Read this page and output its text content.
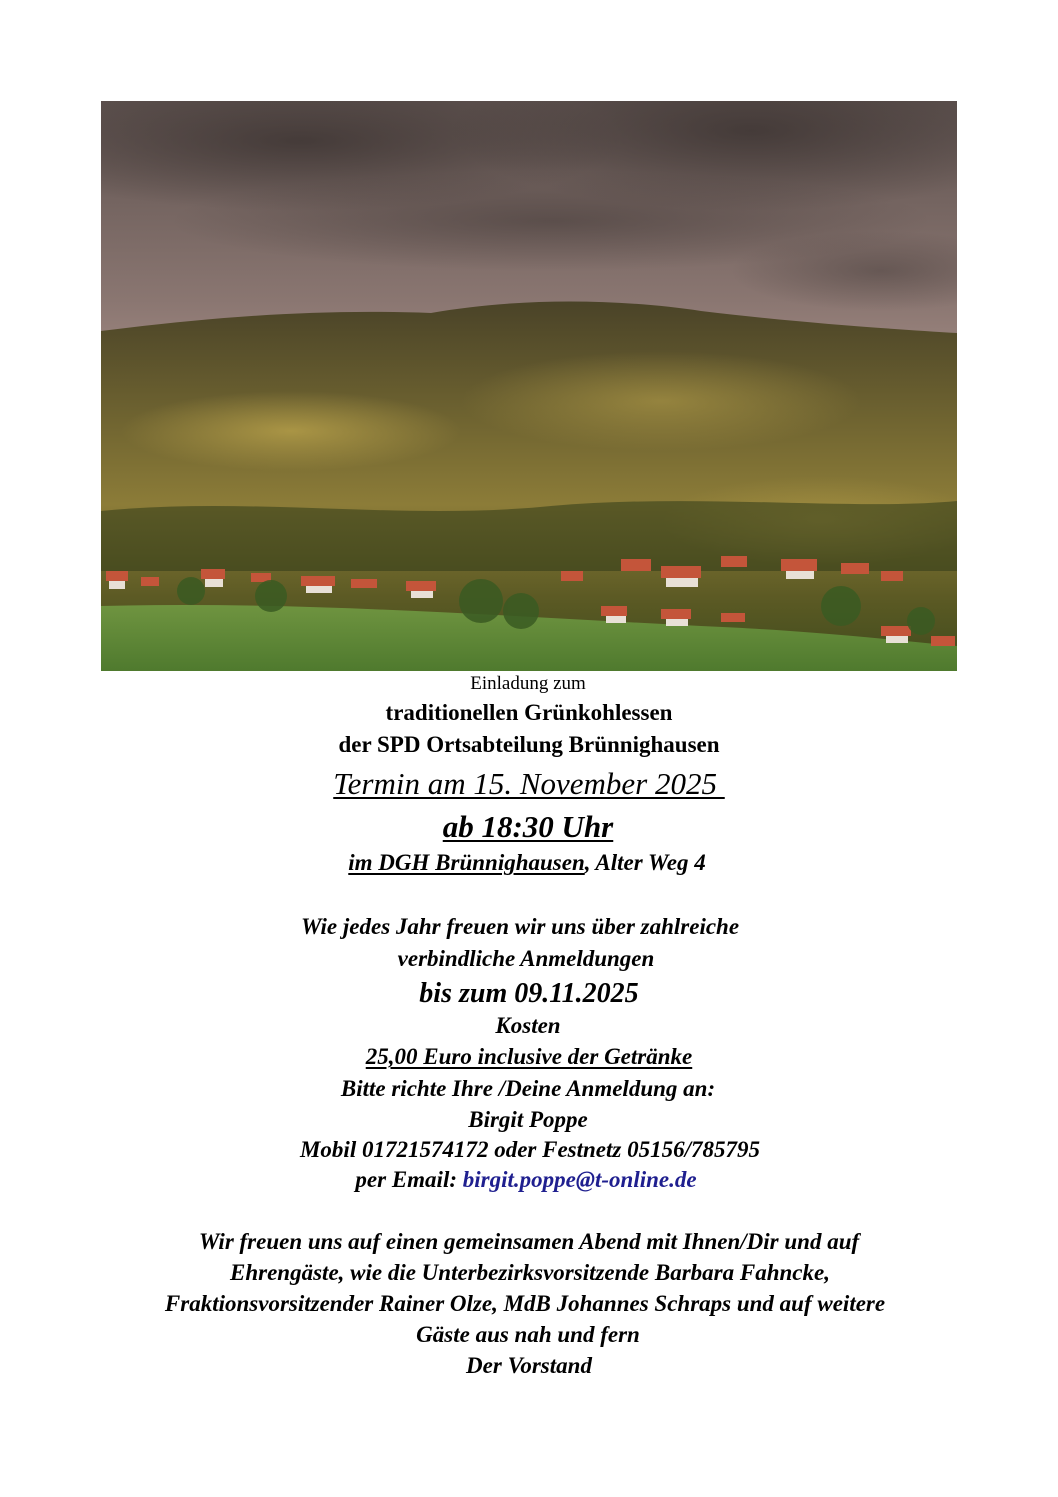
Einladung zum
traditionellen Grünkohlessen
der SPD Ortsabteilung Brünnighausen
Termin am 15. November 2025
ab 18:30 Uhr
im DGH Brünnighausen, Alter Weg 4
Wie jedes Jahr freuen wir uns über zahlreiche
verbindliche Anmeldungen
bis zum 09.11.2025
Kosten
25,00 Euro inclusive der Getränke
Bitte richte Ihre /Deine Anmeldung an:
Birgit Poppe
Mobil 01721574172 oder Festnetz 05156/785795
per Email: birgit.poppe@t-online.de
Wir freuen uns auf einen gemeinsamen Abend mit Ihnen/Dir und auf
Ehrengäste, wie die Unterbezirksvorsitzende Barbara Fahncke,
Fraktionsvorsitzender Rainer Olze, MdB Johannes Schraps und auf weitere
Gäste aus nah und fern
Der Vorstand
